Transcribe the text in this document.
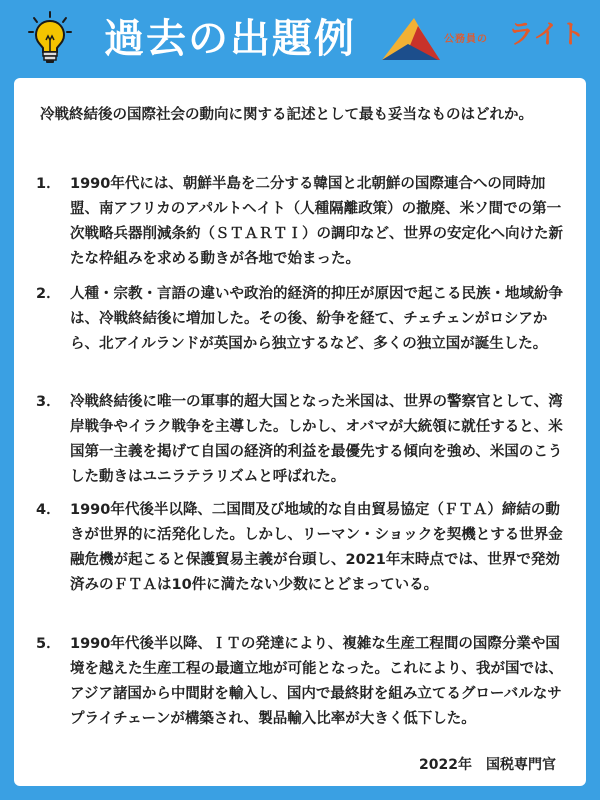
過去の出題例	公務員の ライト
冷戦終結後の国際社会の動向に関する記述として最も妥当なものはどれか。
1． 1990年代には、朝鮮半島を二分する韓国と北朝鮮の国際連合への同時加盟、南アフリカのアパルトヘイト（人種隔離政策）の撤廃、米ソ間での第一次戦略兵器削減条約（ＳＴＡＲＴＩ）の調印など、世界の安定化へ向けた新たな枠組みを求める動きが各地で始まった。
2． 人種・宗教・言語の違いや政治的経済的抑圧が原因で起こる民族・地域紛争は、冷戦終結後に増加した。その後、紛争を経て、チェチェンがロシアから、北アイルランドが英国から独立するなど、多くの独立国が誕生した。
3． 冷戦終結後に唯一の軍事的超大国となった米国は、世界の警察官として、湾岸戦争やイラク戦争を主導した。しかし、オバマが大統領に就任すると、米国第一主義を掲げて自国の経済的利益を最優先する傾向を強め、米国のこうした動きはユニラテラリズムと呼ばれた。
4． 1990年代後半以降、二国間及び地域的な自由貿易協定（ＦＴＡ）締結の動きが世界的に活発化した。しかし、リーマン・ショックを契機とする世界金融危機が起こると保護貿易主義が台頭し、2021年末時点では、世界で発効済みのＦＴＡは10件に満たない少数にとどまっている。
5． 1990年代後半以降、ＩＴの発達により、複雑な生産工程間の国際分業や国境を越えた生産工程の最適立地が可能となった。これにより、我が国では、アジア諸国から中間財を輸入し、国内で最終財を組み立てるグローバルなサプライチェーンが構築され、製品輸入比率が大きく低下した。
2022年　国税専門官
